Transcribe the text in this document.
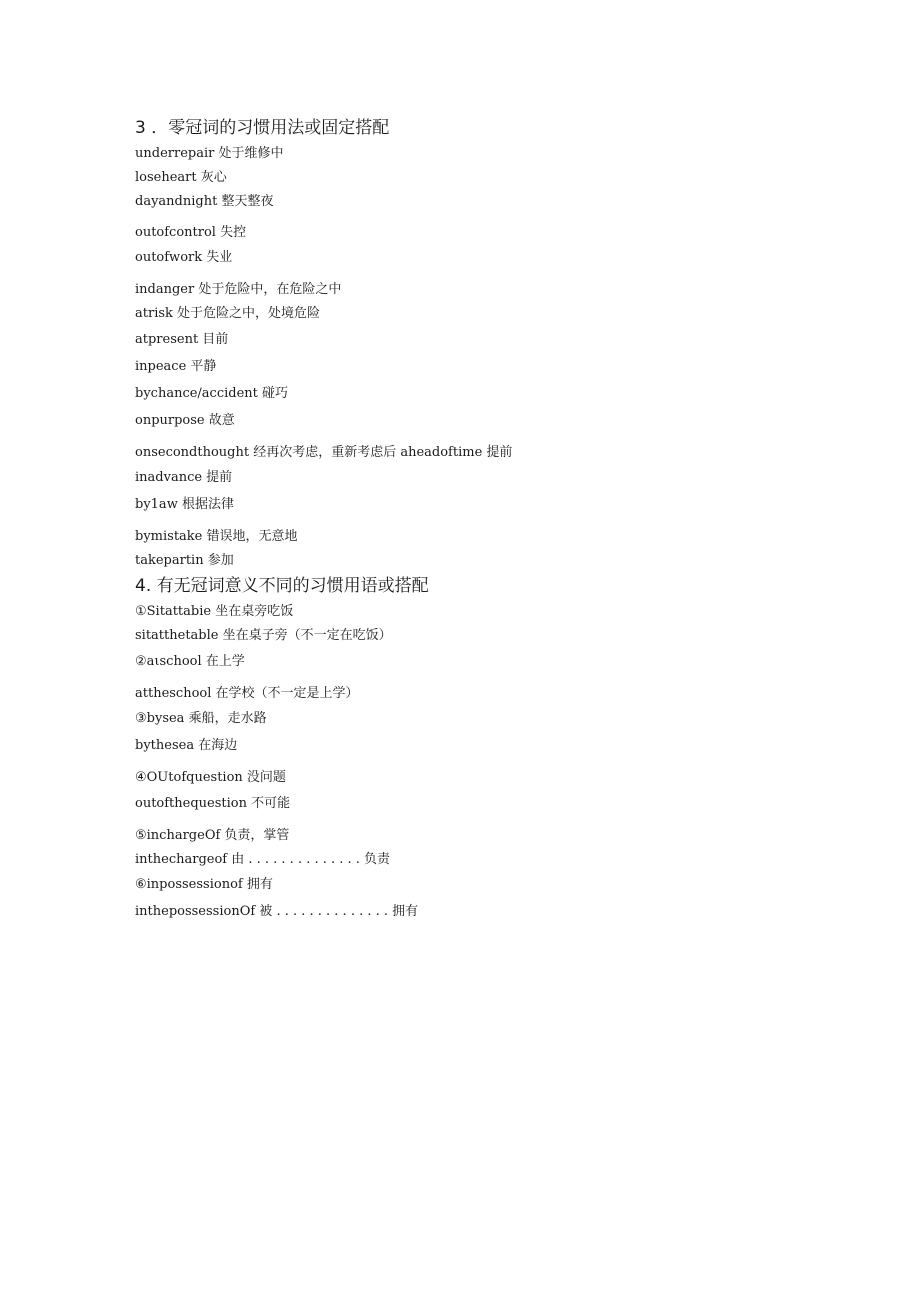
3 ．零冠词的习惯用法或固定搭配
underrepair 处于维修中
loseheart 灰心
dayandnight 整天整夜
outofcontrol 失控
outofwork 失业
indanger 处于危险中，在危险之中
atrisk 处于危险之中，处境危险
atpresent 目前
inpeace 平静
bychance/accident 碰巧
onpurpose 故意
onsecondthought 经再次考虑，重新考虑后 aheadoftime 提前
inadvance 提前
by1aw 根据法律
bymistake 错误地，无意地
takepartin 参加
4. 有无冠词意义不同的习惯用语或搭配
①Sitattabie 坐在桌旁吃饭
sitatthetable 坐在桌子旁（不一定在吃饭）
②aιschool 在上学
attheschool 在学校（不一定是上学）
③bysea 乘船，走水路
bythesea 在海边
④OUtofquestion 没问题
outofthequestion 不可能
⑤inchargeOf 负责，掌管
inthechargeof 由 . . . . . . . . . . . . . . 负责
⑥inpossessionof 拥有
inthepossessionOf 被 . . . . . . . . . . . . . . 拥有
